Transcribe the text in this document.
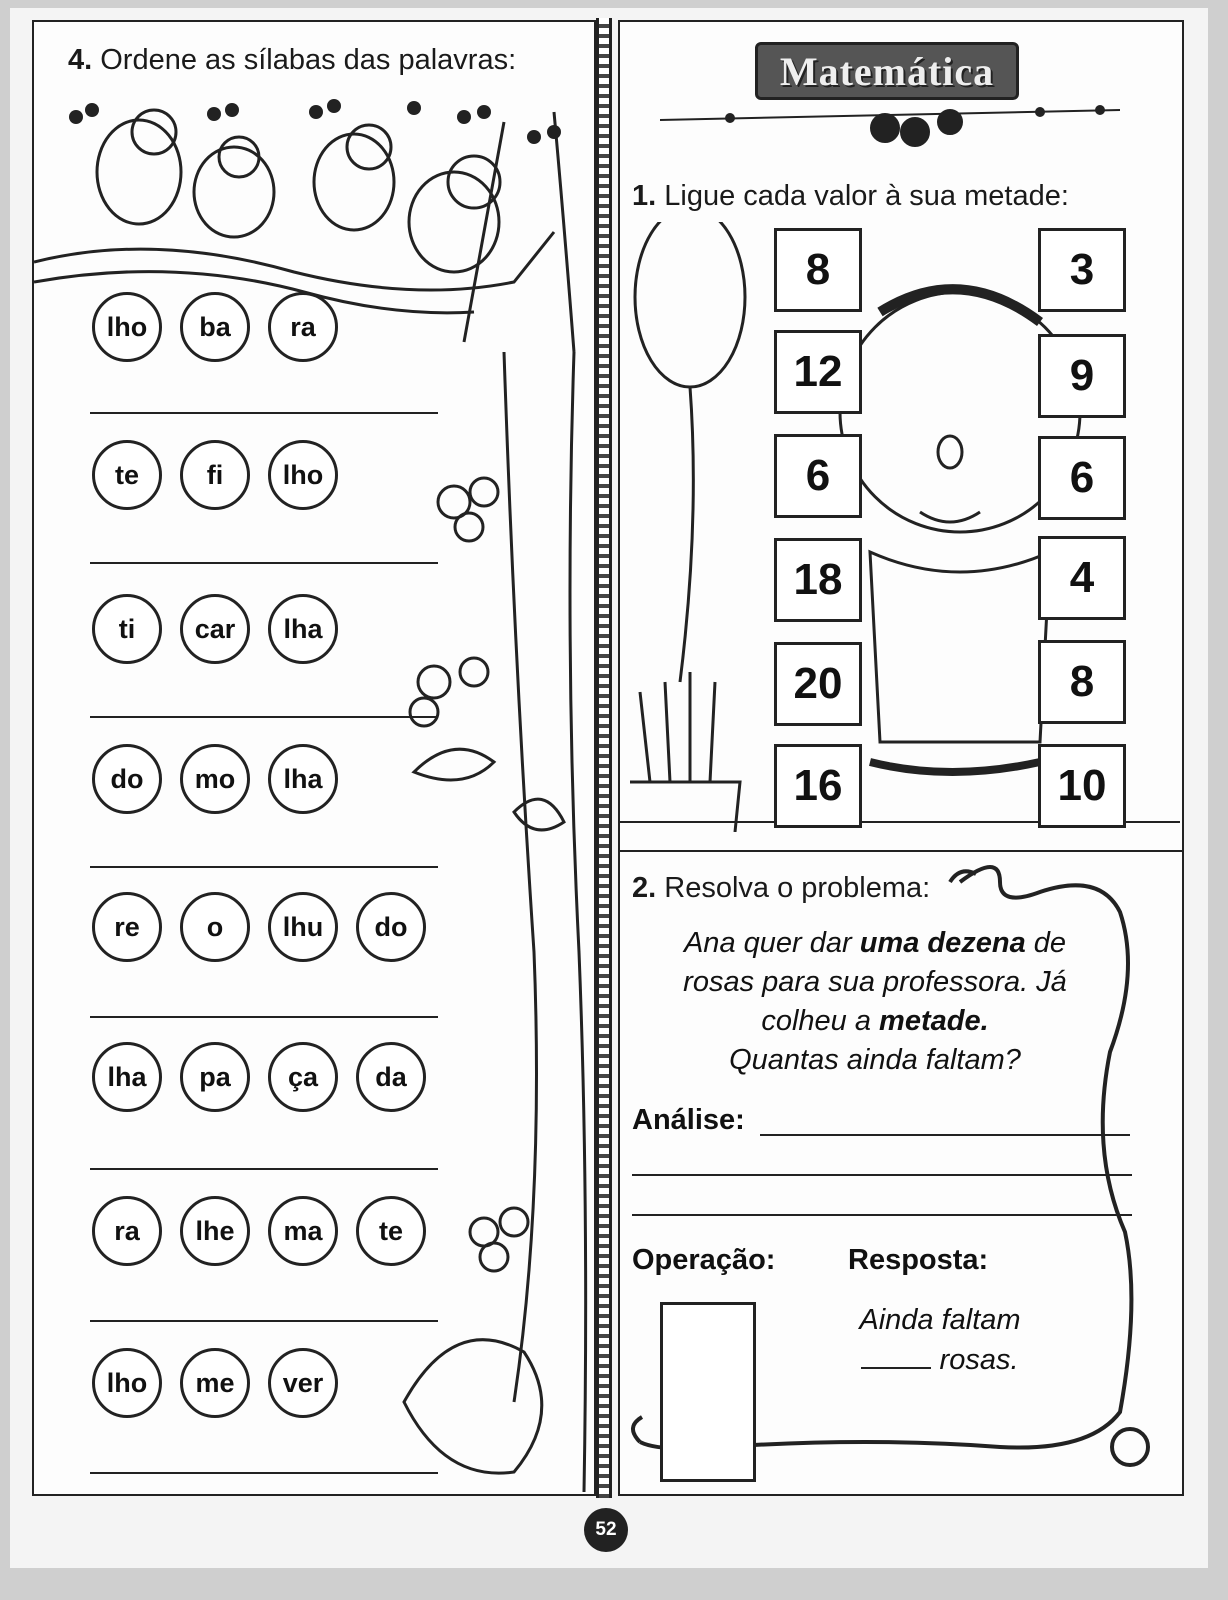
4. Ordene as sílabas das palavras:
lho	ba	ra
te	fi	lho
ti	car	lha
do	mo	lha
re	o	lhu	do
lha	pa	ça	da
ra	lhe	ma	te
lho	me	ver
Matemática
1. Ligue cada valor à sua metade:
8
12
6
18
20
16
3
9
6
4
8
10
2. Resolva o problema:
Ana quer dar uma dezena de rosas para sua professora. Já colheu a metade.
Quantas ainda faltam?
Análise:
Operação:	Resposta:
Ainda faltam
rosas.
52
